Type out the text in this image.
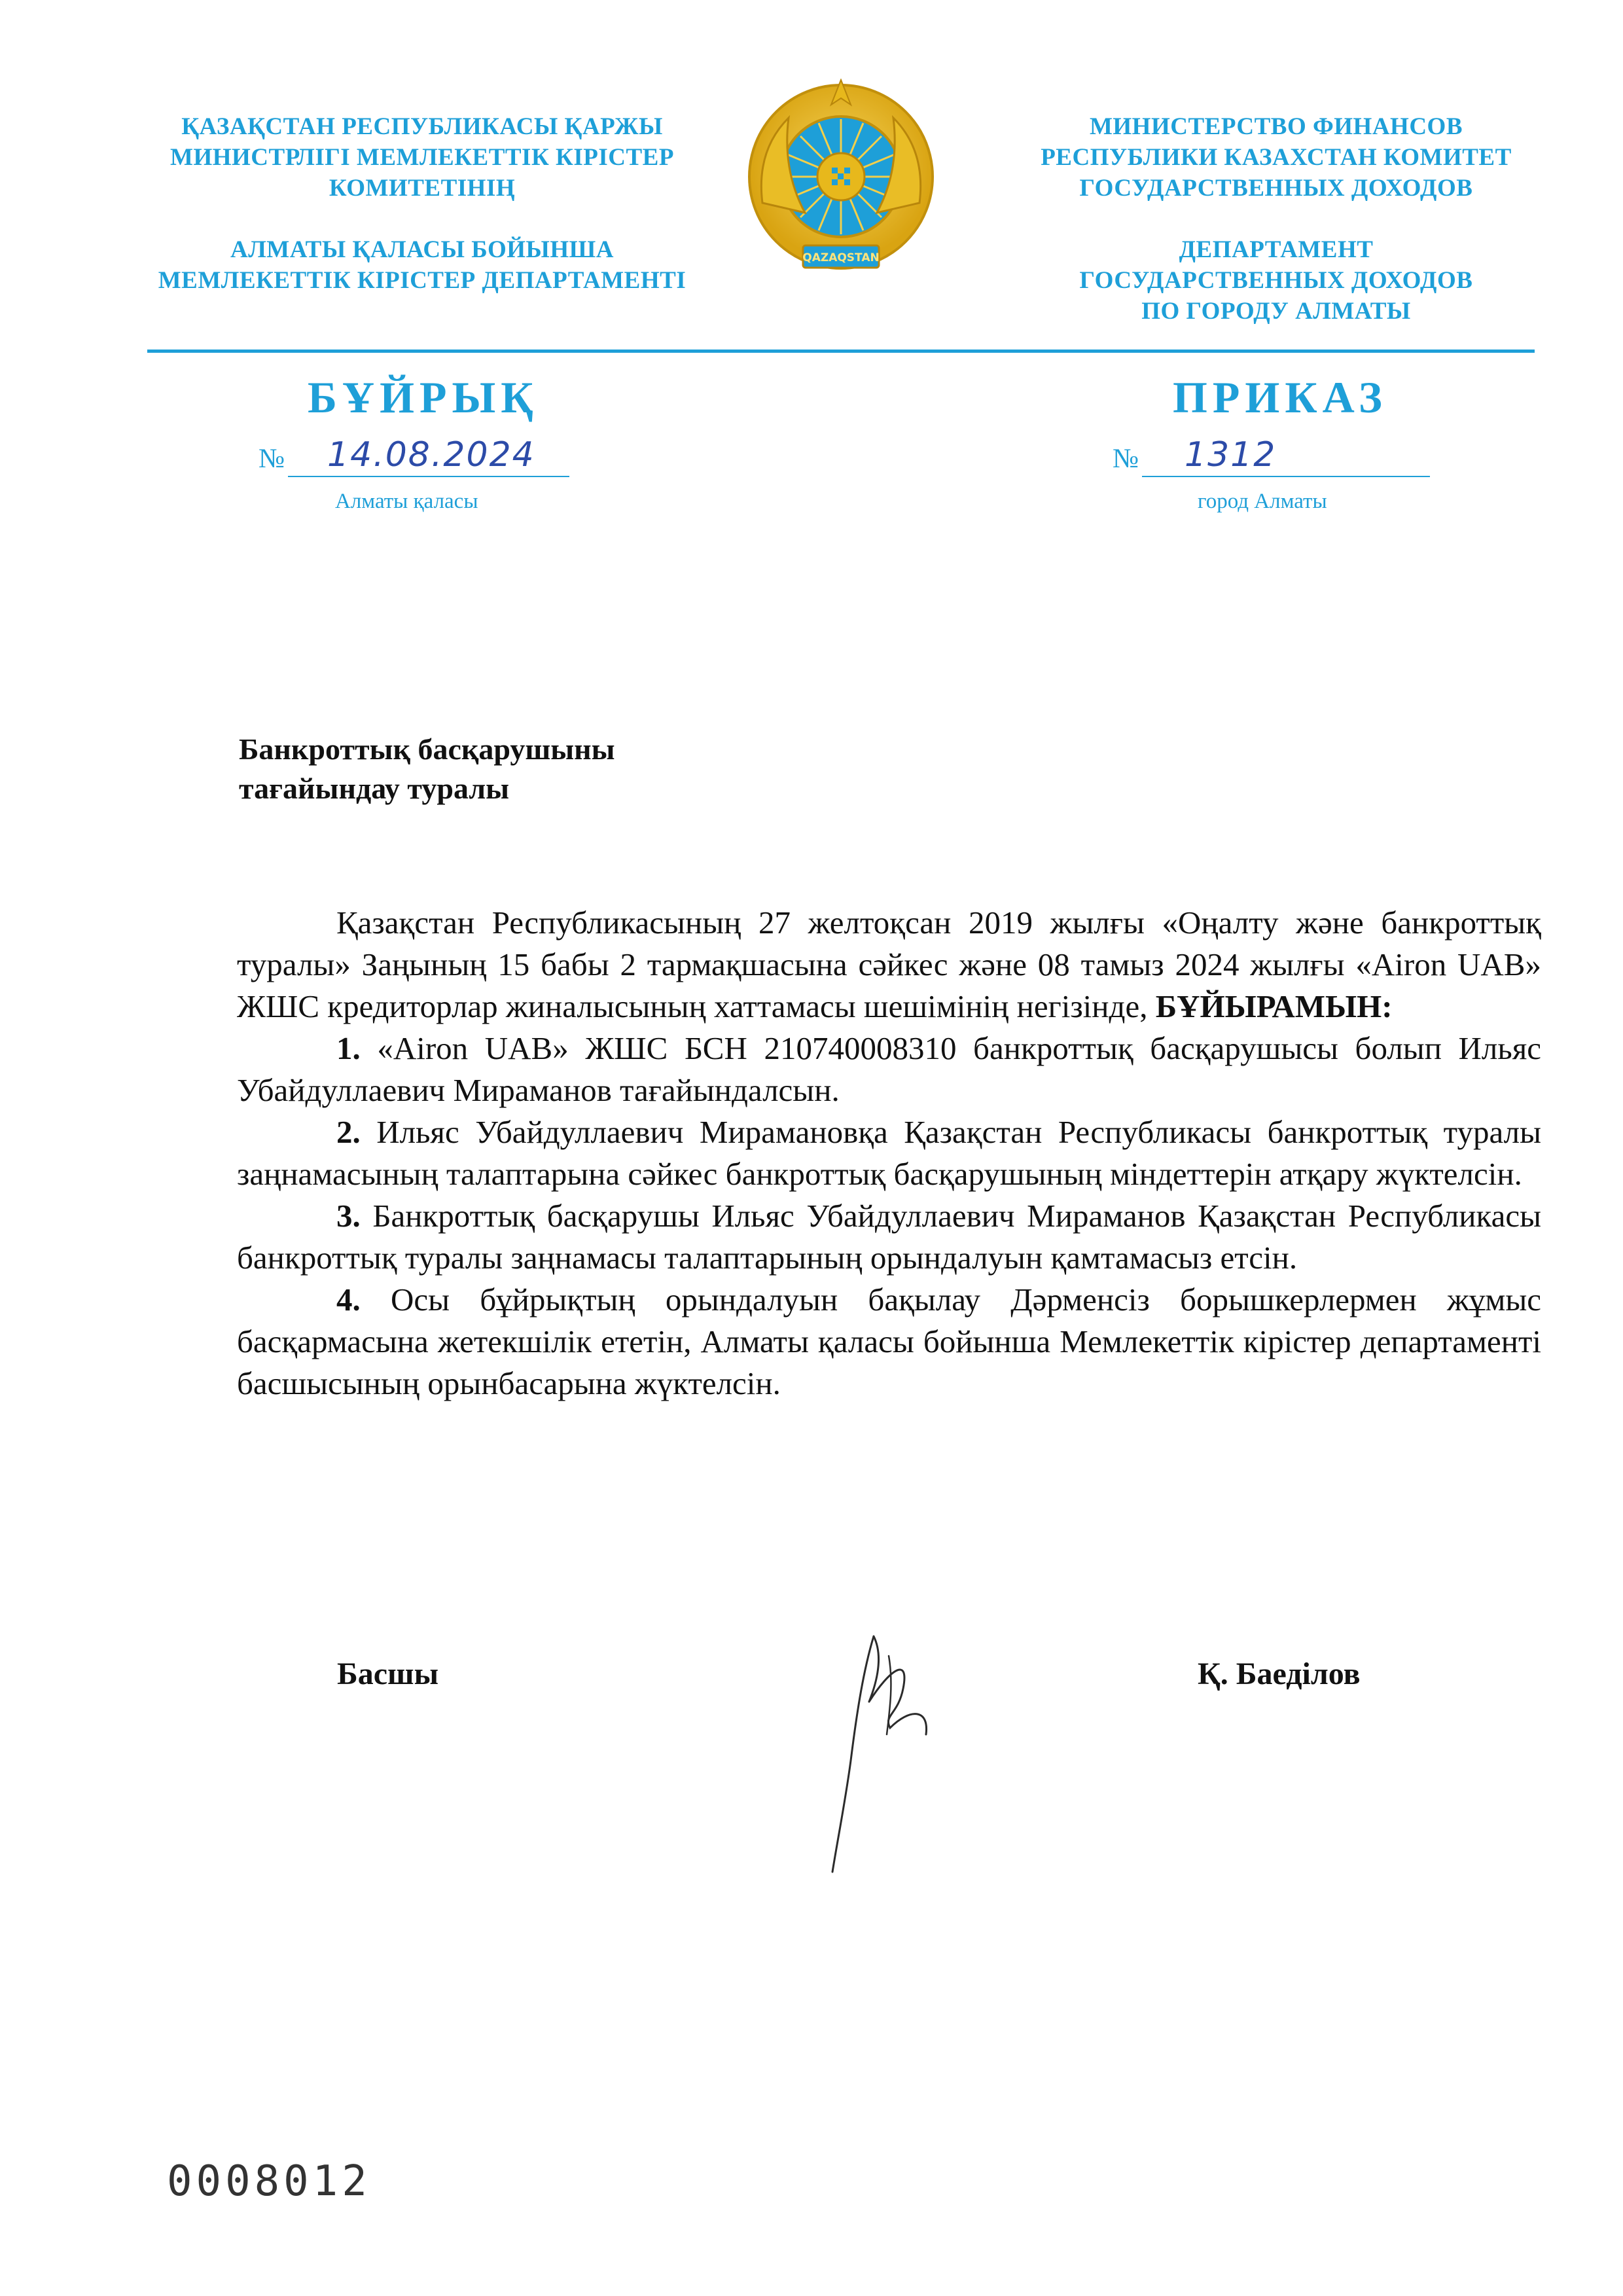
ҚАЗАҚСТАН РЕСПУБЛИКАСЫ ҚАРЖЫ

МИНИСТРЛІГІ МЕМЛЕКЕТТІК КІРІСТЕР

КОМИТЕТІНІҢ

АЛМАТЫ ҚАЛАСЫ БОЙЫНША

МЕМЛЕКЕТТІК КІРІСТЕР ДЕПАРТАМЕНТІ

QAZAQSTAN

МИНИСТЕРСТВО ФИНАНСОВ

РЕСПУБЛИКИ КАЗАХСТАН КОМИТЕТ

ГОСУДАРСТВЕННЫХ ДОХОДОВ

ДЕПАРТАМЕНТ

ГОСУДАРСТВЕННЫХ ДОХОДОВ

ПО ГОРОДУ АЛМАТЫ

БҰЙРЫҚ
№ 14.08.2024
Алматы қаласы
ПРИКАЗ
№ 1312
город Алматы

Банкроттық басқарушыны

тағайындау туралы

Қазақстан Республикасының 27 желтоқсан 2019 жылғы «Оңалту және банкроттық туралы» Заңының 15 бабы 2 тармақшасына сәйкес және 08 тамыз 2024 жылғы «Airon UAB» ЖШС кредиторлар жиналысының хаттамасы шешімінің негізінде, БҰЙЫРАМЫН:

1. «Airon UAB» ЖШС БСН 210740008310 банкроттық басқарушысы болып Ильяс Убайдуллаевич Мираманов тағайындалсын.

2. Ильяс Убайдуллаевич Мирамановқа Қазақстан Республикасы банкроттық туралы заңнамасының талаптарына сәйкес банкроттық басқарушының міндеттерін атқару жүктелсін.

3. Банкроттық басқарушы Ильяс Убайдуллаевич Мираманов Қазақстан Республикасы банкроттық туралы заңнамасы талаптарының орындалуын қамтамасыз етсін.

4. Осы бұйрықтың орындалуын бақылау Дәрменсіз борышкерлермен жұмыс басқармасына жетекшілік ететін, Алматы қаласы бойынша Мемлекеттік кірістер департаменті басшысының орынбасарына жүктелсін.

Басшы	Қ. Баеділов
0008012
